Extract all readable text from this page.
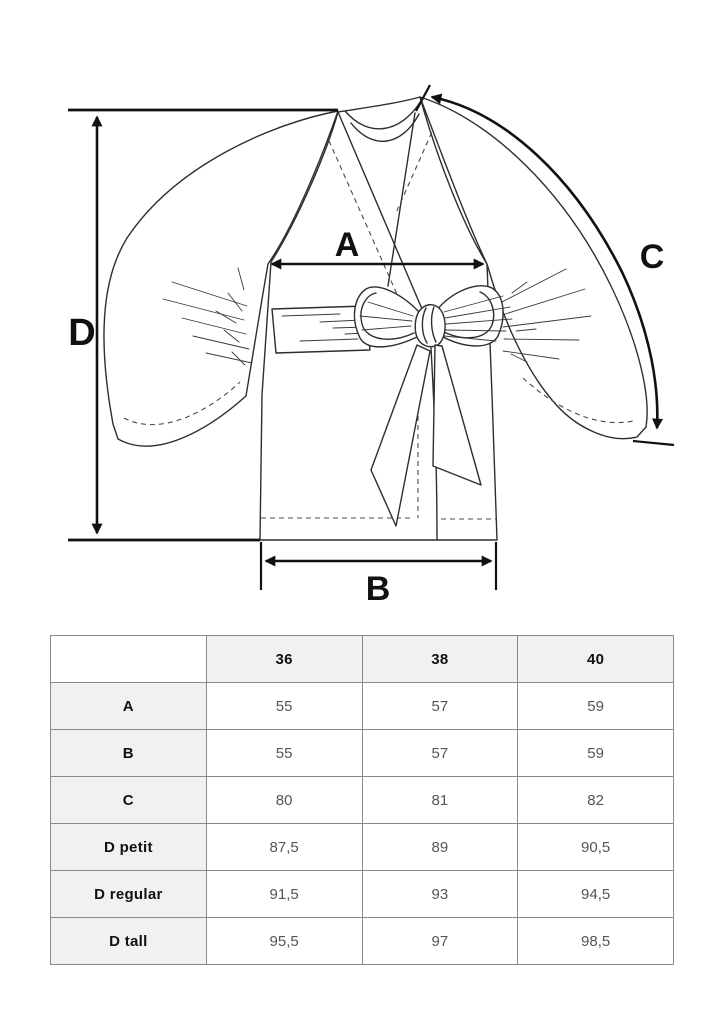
D
A
B
C
	36	38	40
A	55	57	59
B	55	57	59
C	80	81	82
D petit	87,5	89	90,5
D regular	91,5	93	94,5
D tall	95,5	97	98,5
